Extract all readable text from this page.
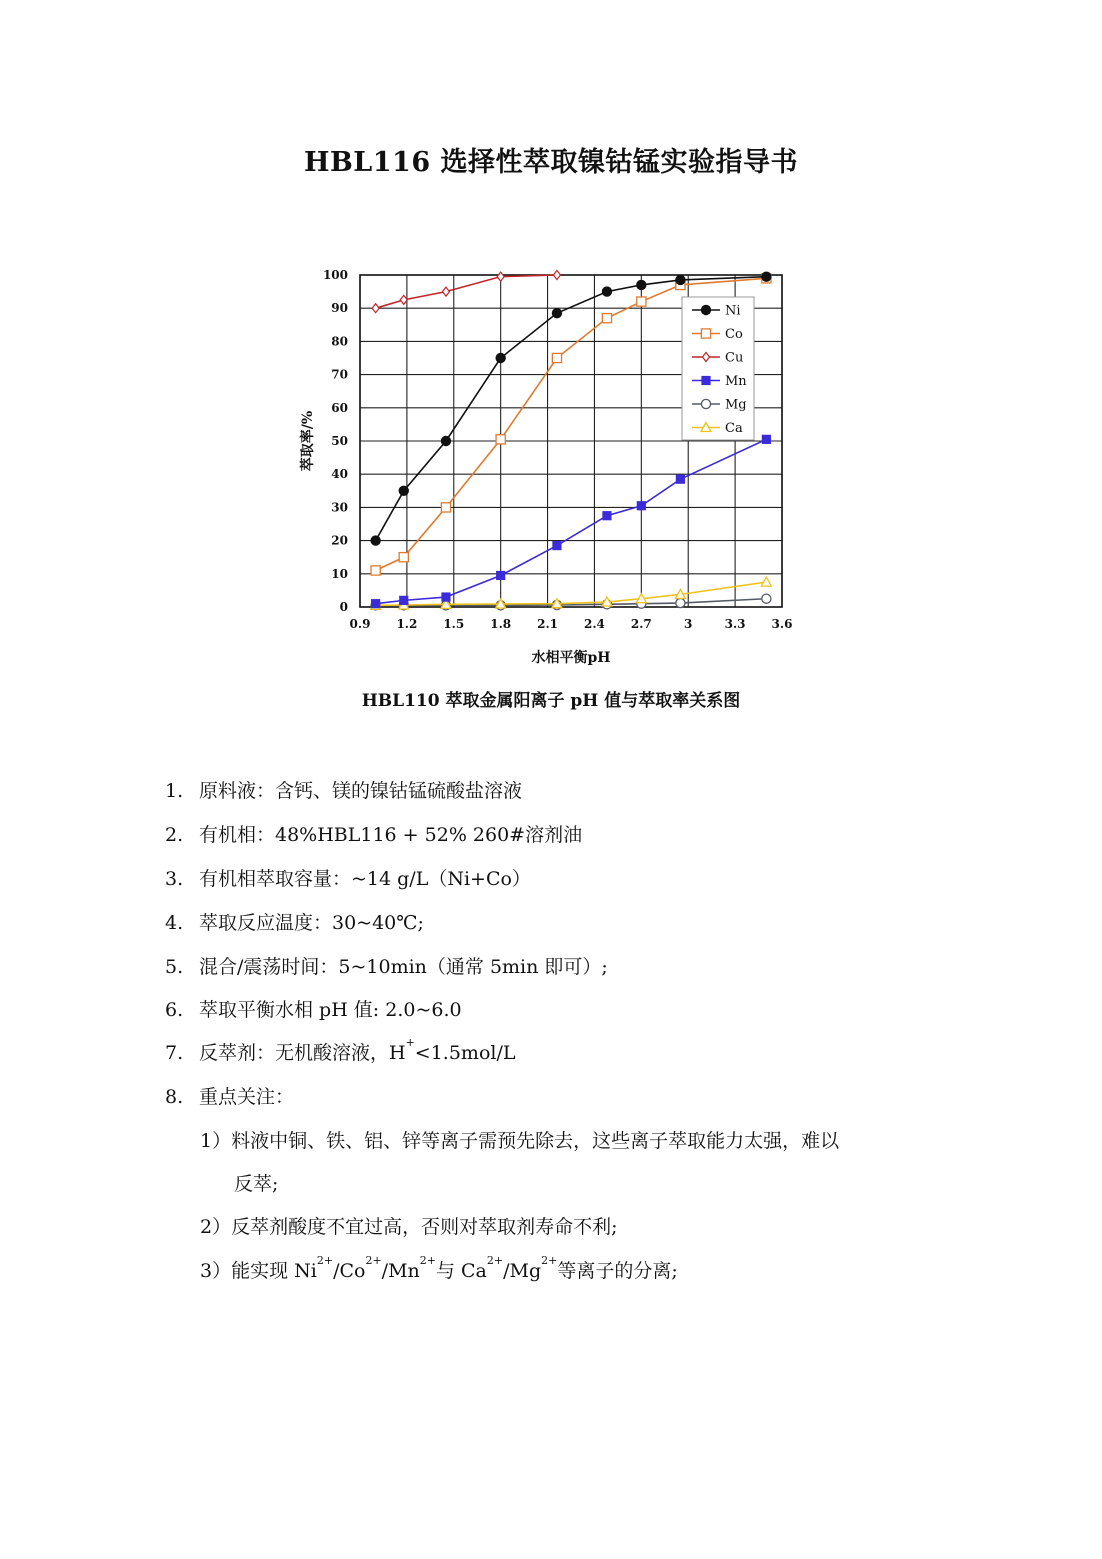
HBL116 选择性萃取镍钴锰实验指导书
0.9 1.2 1.5 1.8 2.1 2.4 2.7	3	3.3 3.6
0
10
20
30
40
50
60
70
80
90
100
水相平衡pH
萃取率/%
Ni
Co
Cu
Mn
Mg
Ca
HBL110 萃取金属阳离子 pH 值与萃取率关系图
1. 原料液：含钙、镁的镍钴锰硫酸盐溶液
2. 有机相：48%HBL116 + 52% 260#溶剂油
3. 有机相萃取容量：~14 g/L（Ni+Co）
4. 萃取反应温度：30~40℃;
5. 混合/震荡时间：5~10min（通常 5min 即可）;
6. 萃取平衡水相 pH 值: 2.0~6.0
7. 反萃剂：无机酸溶液，H+<1.5mol/L
8. 重点关注：
1）料液中铜、铁、铝、锌等离子需预先除去，这些离子萃取能力太强，难以
反萃;
2）反萃剂酸度不宜过高，否则对萃取剂寿命不利;
3）能实现 $Ni^{2+}/Co^{2+}/Mn^{2+}$与 $Ca^{2+}/Mg^{2+}$等离子的分离;
